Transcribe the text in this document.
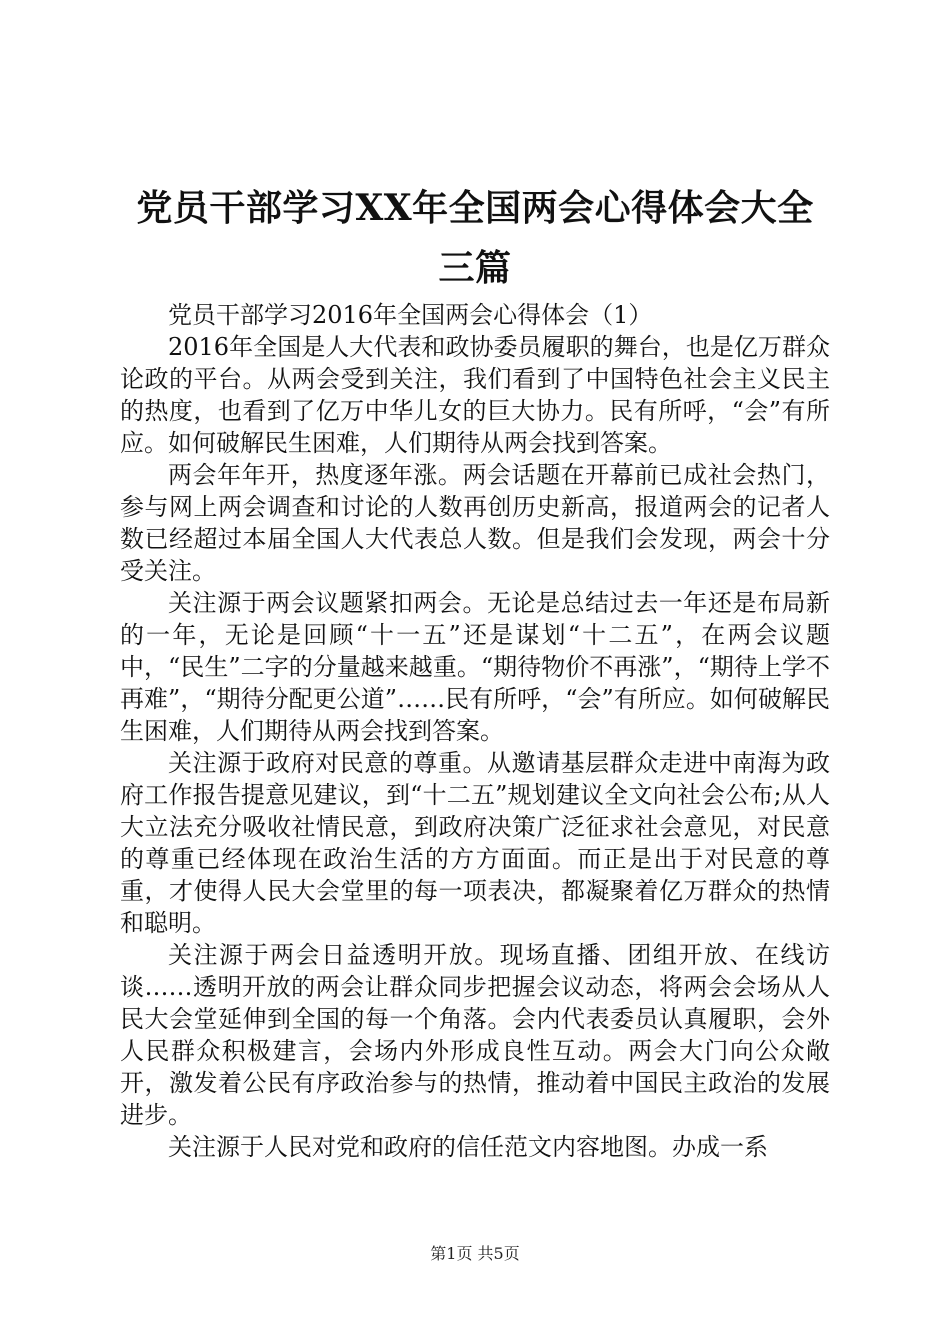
党员干部学习XX年全国两会心得体会大全三篇

党员干部学习2016年全国两会心得体会（1）

2016年全国是人大代表和政协委员履职的舞台，也是亿万群众论政的平台。从两会受到关注，我们看到了中国特色社会主义民主的热度，也看到了亿万中华儿女的巨大协力。民有所呼，“会”有所应。如何破解民生困难，人们期待从两会找到答案。

两会年年开，热度逐年涨。两会话题在开幕前已成社会热门，参与网上两会调查和讨论的人数再创历史新高，报道两会的记者人数已经超过本届全国人大代表总人数。但是我们会发现，两会十分受关注。

关注源于两会议题紧扣两会。无论是总结过去一年还是布局新的一年，无论是回顾“十一五”还是谋划“十二五”，在两会议题中，“民生”二字的分量越来越重。“期待物价不再涨”，“期待上学不再难”，“期待分配更公道”……民有所呼，“会”有所应。如何破解民生困难，人们期待从两会找到答案。

关注源于政府对民意的尊重。从邀请基层群众走进中南海为政府工作报告提意见建议，到“十二五”规划建议全文向社会公布;从人大立法充分吸收社情民意，到政府决策广泛征求社会意见，对民意的尊重已经体现在政治生活的方方面面。而正是出于对民意的尊重，才使得人民大会堂里的每一项表决，都凝聚着亿万群众的热情和聪明。

关注源于两会日益透明开放。现场直播、团组开放、在线访谈……透明开放的两会让群众同步把握会议动态，将两会会场从人民大会堂延伸到全国的每一个角落。会内代表委员认真履职，会外人民群众积极建言，会场内外形成良性互动。两会大门向公众敞开，激发着公民有序政治参与的热情，推动着中国民主政治的发展进步。

关注源于人民对党和政府的信任范文内容地图。办成一系

第1页 共5页
